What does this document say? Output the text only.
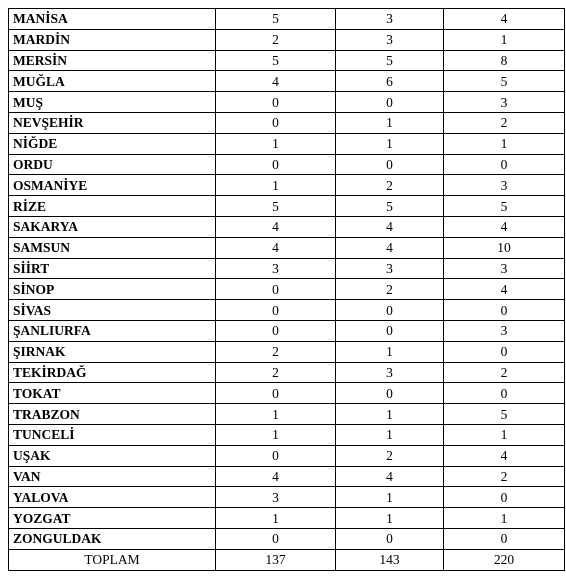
MANİSA	5	3	4
MARDİN	2	3	1
MERSİN	5	5	8
MUĞLA	4	6	5
MUŞ	0	0	3
NEVŞEHİR	0	1	2
NİĞDE	1	1	1
ORDU	0	0	0
OSMANİYE	1	2	3
RİZE	5	5	5
SAKARYA	4	4	4
SAMSUN	4	4	10
SİİRT	3	3	3
SİNOP	0	2	4
SİVAS	0	0	0
ŞANLIURFA	0	0	3
ŞIRNAK	2	1	0
TEKİRDAĞ	2	3	2
TOKAT	0	0	0
TRABZON	1	1	5
TUNCELİ	1	1	1
UŞAK	0	2	4
VAN	4	4	2
YALOVA	3	1	0
YOZGAT	1	1	1
ZONGULDAK	0	0	0
TOPLAM	137	143	220
